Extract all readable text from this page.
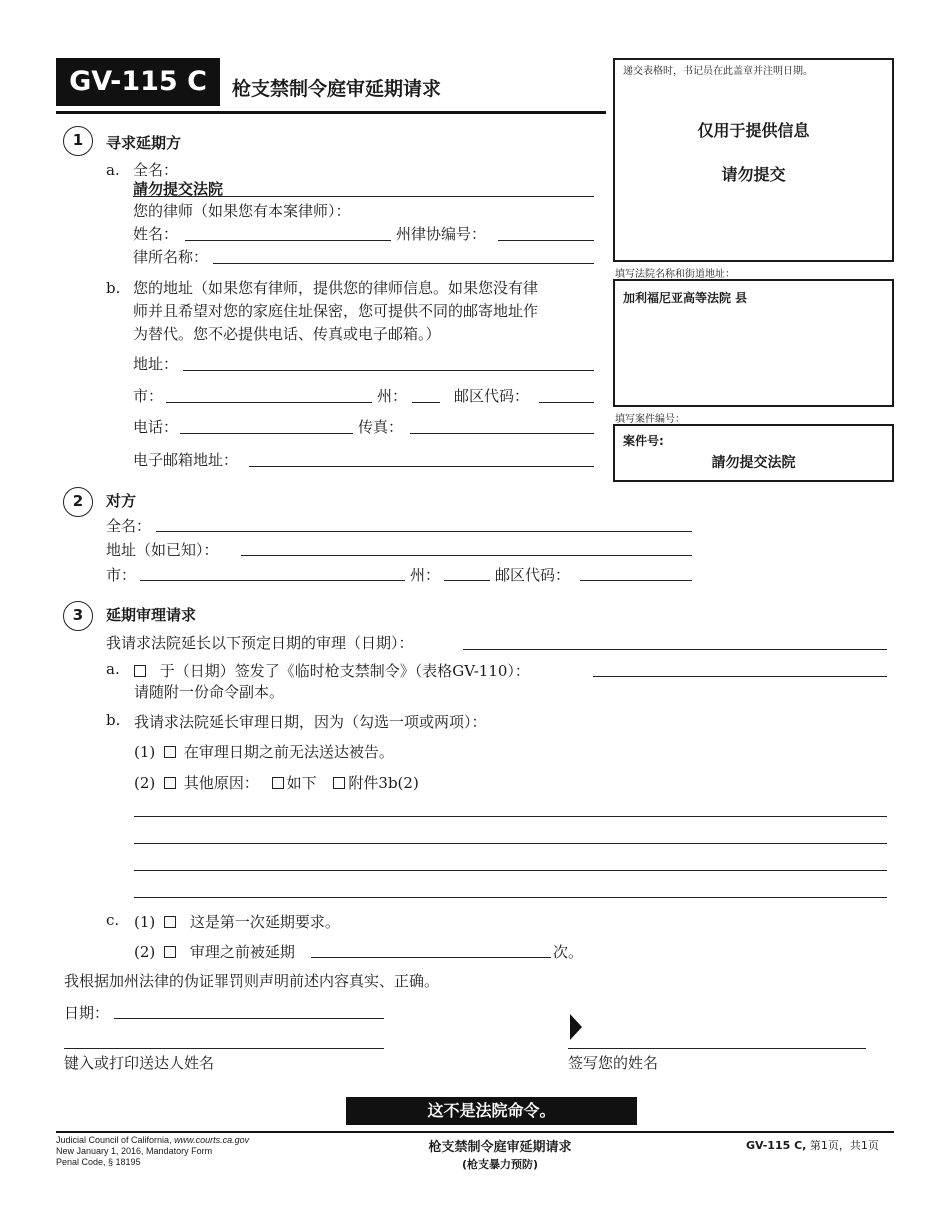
GV-115 C	枪支禁制令庭审延期请求
递交表格时，书记员在此盖章并注明日期。
仅用于提供信息
请勿提交
填写法院名称和街道地址：
加利福尼亚高等法院 县
填写案件编号：
案件号:
請勿提交法院
1	寻求延期方
a. 全名：
請勿提交法院
您的律师（如果您有本案律师）：
姓名：	州律协编号：
律所名称：
b. 您的地址（如果您有律师，提供您的律师信息。如果您没有律
师并且希望对您的家庭住址保密，您可提供不同的邮寄地址作
为替代。您不必提供电话、传真或电子邮箱。）
地址：
市：	州：	邮区代码：
电话：	传真：
电子邮箱地址：
2	对方
全名：
地址（如已知）：
市：	州：	邮区代码：
3	延期审理请求
我请求法院延长以下预定日期的审理（日期）：
a.	于（日期）签发了《临时枪支禁制令》（表格GV-110）：
请随附一份命令副本。
b. 我请求法院延长审理日期，因为（勾选一项或两项）：
(1) 在审理日期之前无法送达被告。
(2) 其他原因： 如下 附件3b(2)
c. (1) 这是第一次延期要求。
(2) 审理之前被延期	次。
我根据加州法律的伪证罪罚则声明前述内容真实、正确。
日期：
键入或打印送达人姓名	签写您的姓名
这不是法院命令。
Judicial Council of California, www.courts.ca.gov
New January 1, 2016, Mandatory Form
Penal Code, § 18195
枪支禁制令庭审延期请求
(枪支暴力预防)
GV-115 C, 第1页，共1页
